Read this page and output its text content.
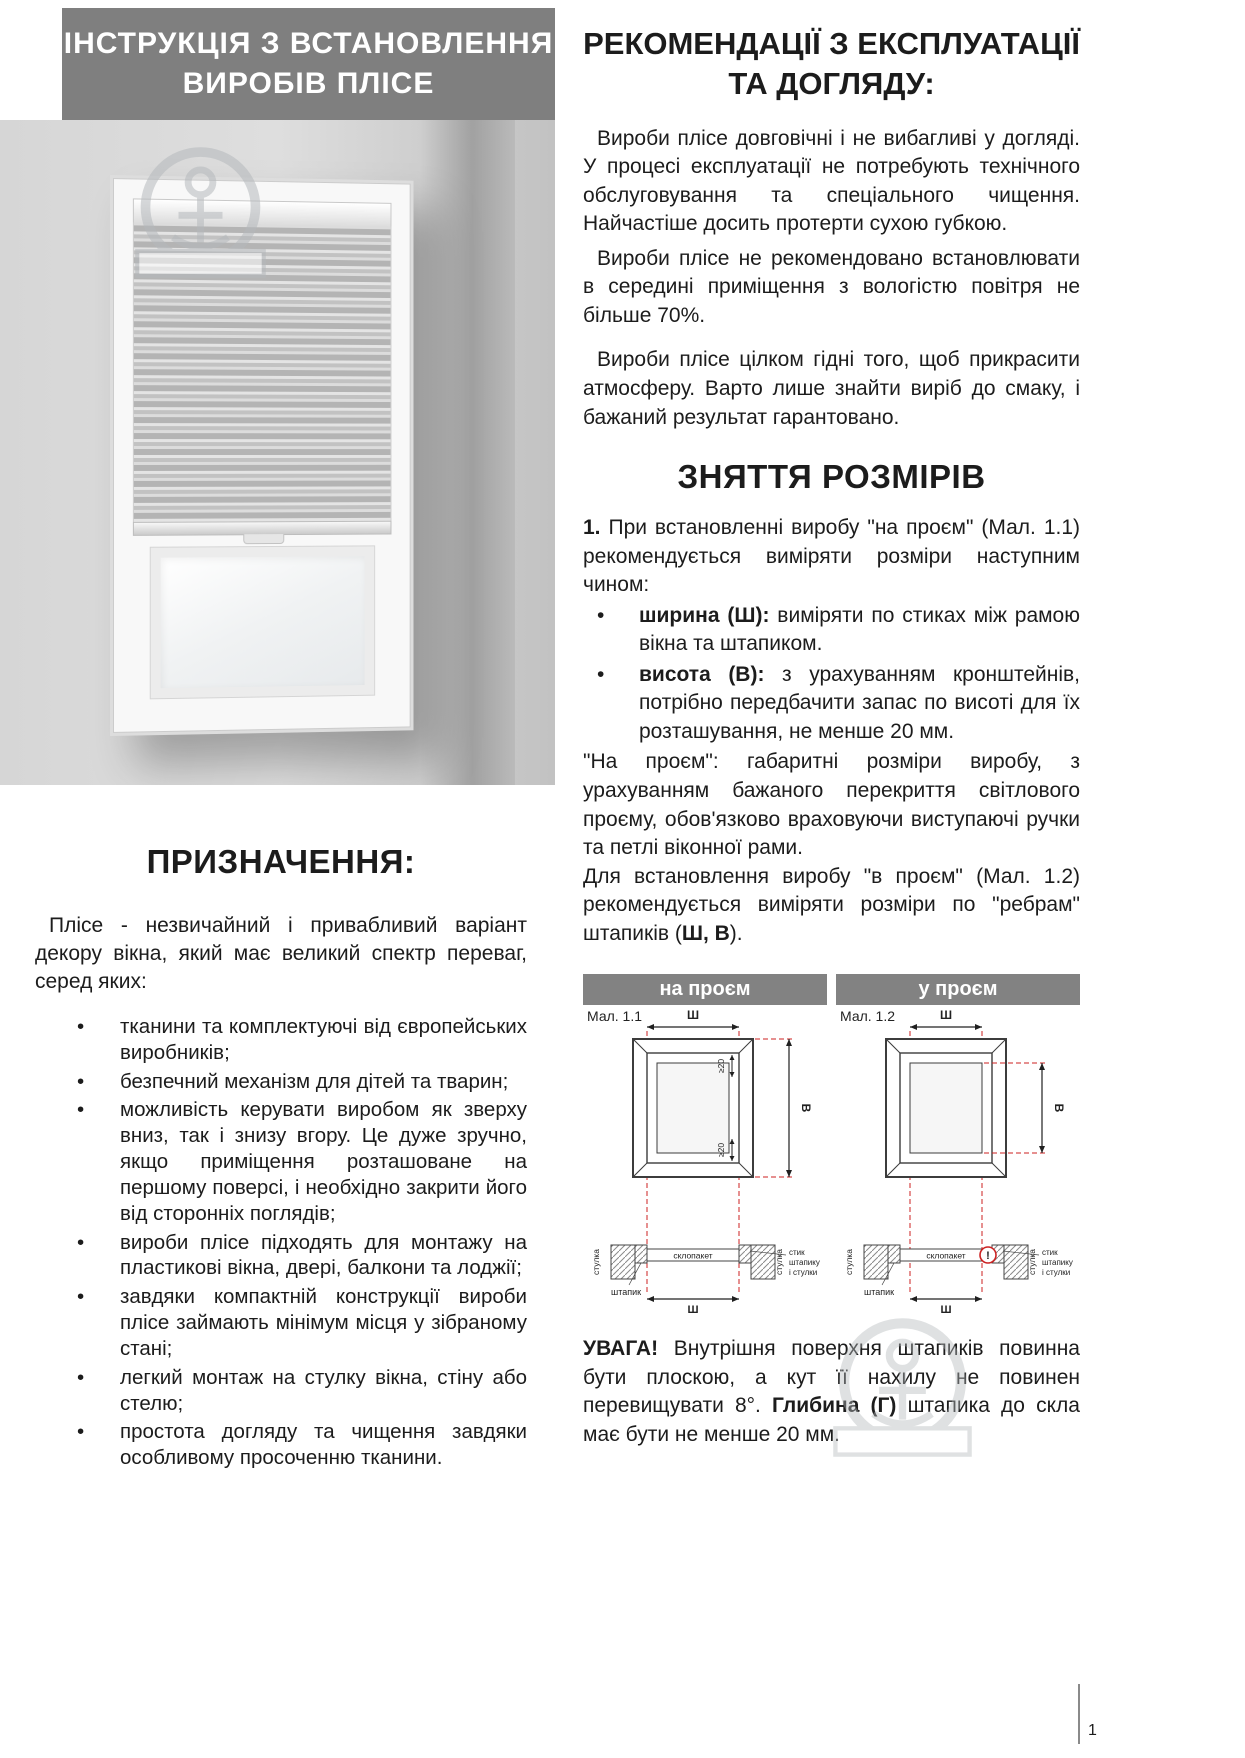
ІНСТРУКЦІЯ З ВСТАНОВЛЕННЯ
ВИРОБІВ ПЛІСЕ
ПРИЗНАЧЕННЯ:

Плісе - незвичайний і привабливий варіант декору вікна, який має великий спектр переваг, серед яких:

• тканини та комплектуючі від європейських виробників;
• безпечний механізм для дітей та тварин;
• можливість керувати виробом як зверху вниз, так і знизу вгору. Це дуже зручно, якщо приміщення розташоване на першому поверсі, і необхідно закрити його від сторонніх поглядів;
• вироби плісе підходять для монтажу на пластикові вікна, двері, балкони та лоджії;
• завдяки компактній конструкції вироби плісе займають мінімум місця у зібраному стані;
• легкий монтаж на стулку вікна, стіну або стелю;
• простота догляду та чищення завдяки особливому просоченню тканини.
РЕКОМЕНДАЦІЇ З ЕКСПЛУАТАЦІЇ
ТА ДОГЛЯДУ:

Вироби плісе довговічні і не вибагливі у догляді. У процесі експлуатації не потребують технічного обслуговування та спеціального чищення. Найчастіше досить протерти сухою губкою.

Вироби плісе не рекомендовано встановлювати в середині приміщення з вологістю повітря не більше 70%.

Вироби плісе цілком гідні того, щоб прикрасити атмосферу. Варто лише знайти виріб до смаку, і бажаний результат гарантовано.

ЗНЯТТЯ РОЗМІРІВ

1. При встановленні виробу "на проєм" (Мал. 1.1) рекомендується виміряти розміри наступним чином:

• ширина (Ш): виміряти по стиках між рамою вікна та штапиком.
• висота (В): з урахуванням кронштейнів, потрібно передбачити запас по висоті для їх розташування, не менше 20 мм.

"На проєм": габаритні розміри виробу, з урахуванням бажаного перекриття світлового проєму, обов'язково враховуючи виступаючі ручки та петлі віконної рами.

Для встановлення виробу "в проєм" (Мал. 1.2) рекомендується виміряти розміри по "ребрам" штапиків (Ш, В).

на проєм
Мал. 1.1	Ш
В
≥20
≥20
склопакет
стулка	стулка
штапик
стик
штапику
і стулки
Ш
у проєм
Мал. 1.2	Ш
В
склопакет
стулка	стулка
штапик
стик
штапику
і стулки
!
Ш

УВАГА! Внутрішня поверхня штапиків повинна бути плоскою, а кут її нахилу не повинен перевищувати 8°. Глибина (Г) штапика до скла має бути не менше 20 мм.

1
